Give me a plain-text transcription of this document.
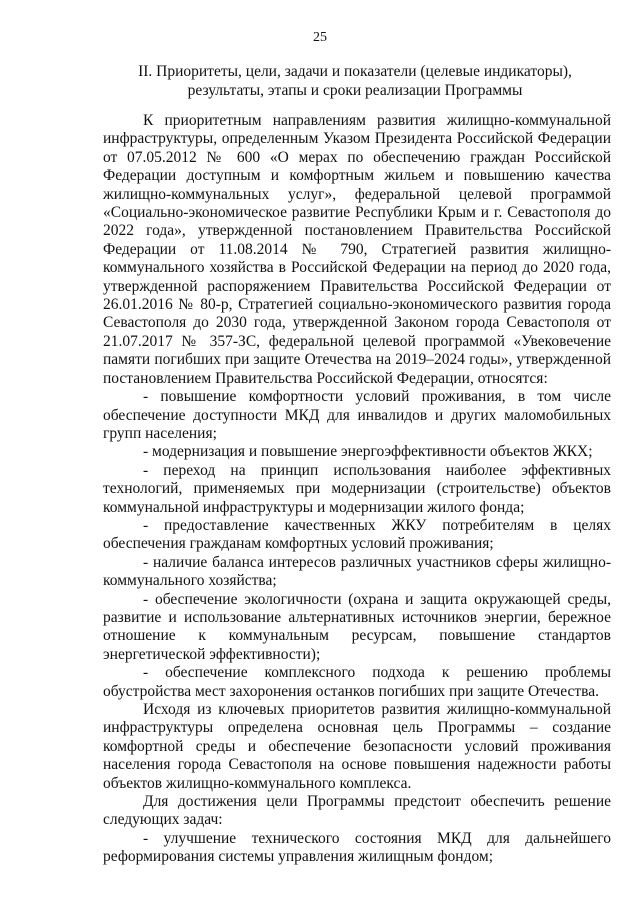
25
II. Приоритеты, цели, задачи и показатели (целевые индикаторы),
результаты, этапы и сроки реализации Программы

К приоритетным направлениям развития жилищно-коммунальной инфраструктуры, определенным Указом Президента Российской Федерации от 07.05.2012 № 600 «О мерах по обеспечению граждан Российской Федерации доступным и комфортным жильем и повышению качества жилищно-коммунальных услуг», федеральной целевой программой «Социально-экономическое развитие Республики Крым и г. Севастополя до 2022 года», утвержденной постановлением Правительства Российской Федерации от 11.08.2014 № 790, Стратегией развития жилищно-коммунального хозяйства в Российской Федерации на период до 2020 года, утвержденной распоряжением Правительства Российской Федерации от 26.01.2016 № 80-р, Стратегией социально-экономического развития города Севастополя до 2030 года, утвержденной Законом города Севастополя от 21.07.2017 № 357-ЗС, федеральной целевой программой «Увековечение памяти погибших при защите Отечества на 2019–2024 годы», утвержденной постановлением Правительства Российской Федерации, относятся:

- повышение комфортности условий проживания, в том числе обеспечение доступности МКД для инвалидов и других маломобильных групп населения;

- модернизация и повышение энергоэффективности объектов ЖКХ;

- переход на принцип использования наиболее эффективных технологий, применяемых при модернизации (строительстве) объектов коммунальной инфраструктуры и модернизации жилого фонда;

- предоставление качественных ЖКУ потребителям в целях обеспечения гражданам комфортных условий проживания;

- наличие баланса интересов различных участников сферы жилищно-коммунального хозяйства;

- обеспечение экологичности (охрана и защита окружающей среды, развитие и использование альтернативных источников энергии, бережное отношение к коммунальным ресурсам, повышение стандартов энергетической эффективности);

- обеспечение комплексного подхода к решению проблемы обустройства мест захоронения останков погибших при защите Отечества.

Исходя из ключевых приоритетов развития жилищно-коммунальной инфраструктуры определена основная цель Программы – создание комфортной среды и обеспечение безопасности условий проживания населения города Севастополя на основе повышения надежности работы объектов жилищно-коммунального комплекса.

Для достижения цели Программы предстоит обеспечить решение следующих задач:

- улучшение технического состояния МКД для дальнейшего реформирования системы управления жилищным фондом;
